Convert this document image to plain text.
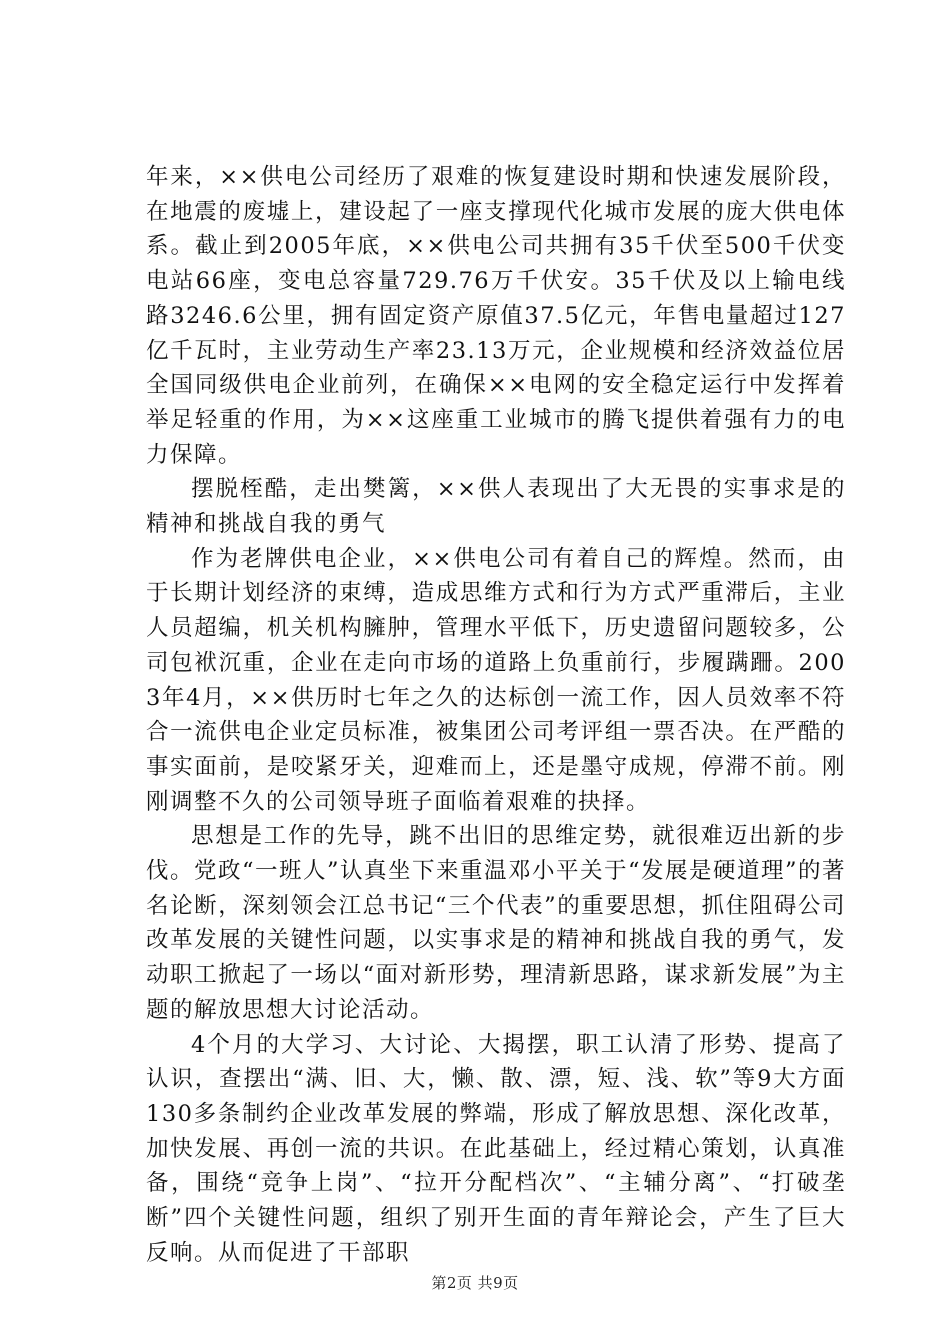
年来，××供电公司经历了艰难的恢复建设时期和快速发展阶段，在地震的废墟上，建设起了一座支撑现代化城市发展的庞大供电体系。截止到2005年底，××供电公司共拥有35千伏至500千伏变电站66座，变电总容量729.76万千伏安。35千伏及以上输电线路3246.6公里，拥有固定资产原值37.5亿元，年售电量超过127亿千瓦时，主业劳动生产率23.13万元，企业规模和经济效益位居全国同级供电企业前列，在确保××电网的安全稳定运行中发挥着举足轻重的作用，为××这座重工业城市的腾飞提供着强有力的电力保障。

摆脱桎酷，走出樊篱，××供人表现出了大无畏的实事求是的精神和挑战自我的勇气

作为老牌供电企业，××供电公司有着自己的辉煌。然而，由于长期计划经济的束缚，造成思维方式和行为方式严重滞后，主业人员超编，机关机构臃肿，管理水平低下，历史遗留问题较多，公司包袱沉重，企业在走向市场的道路上负重前行，步履蹒跚。2003年4月，××供历时七年之久的达标创一流工作，因人员效率不符合一流供电企业定员标准，被集团公司考评组一票否决。在严酷的事实面前，是咬紧牙关，迎难而上，还是墨守成规，停滞不前。刚刚调整不久的公司领导班子面临着艰难的抉择。

思想是工作的先导，跳不出旧的思维定势，就很难迈出新的步伐。党政“一班人”认真坐下来重温邓小平关于“发展是硬道理”的著名论断，深刻领会江总书记“三个代表”的重要思想，抓住阻碍公司改革发展的关键性问题，以实事求是的精神和挑战自我的勇气，发动职工掀起了一场以“面对新形势，理清新思路，谋求新发展”为主题的解放思想大讨论活动。

4个月的大学习、大讨论、大揭摆，职工认清了形势、提高了认识，查摆出“满、旧、大，懒、散、漂，短、浅、软”等9大方面130多条制约企业改革发展的弊端，形成了解放思想、深化改革，加快发展、再创一流的共识。在此基础上，经过精心策划，认真准备，围绕“竞争上岗”、“拉开分配档次”、“主辅分离”、“打破垄断”四个关键性问题，组织了别开生面的青年辩论会，产生了巨大反响。从而促进了干部职

第2页 共9页
